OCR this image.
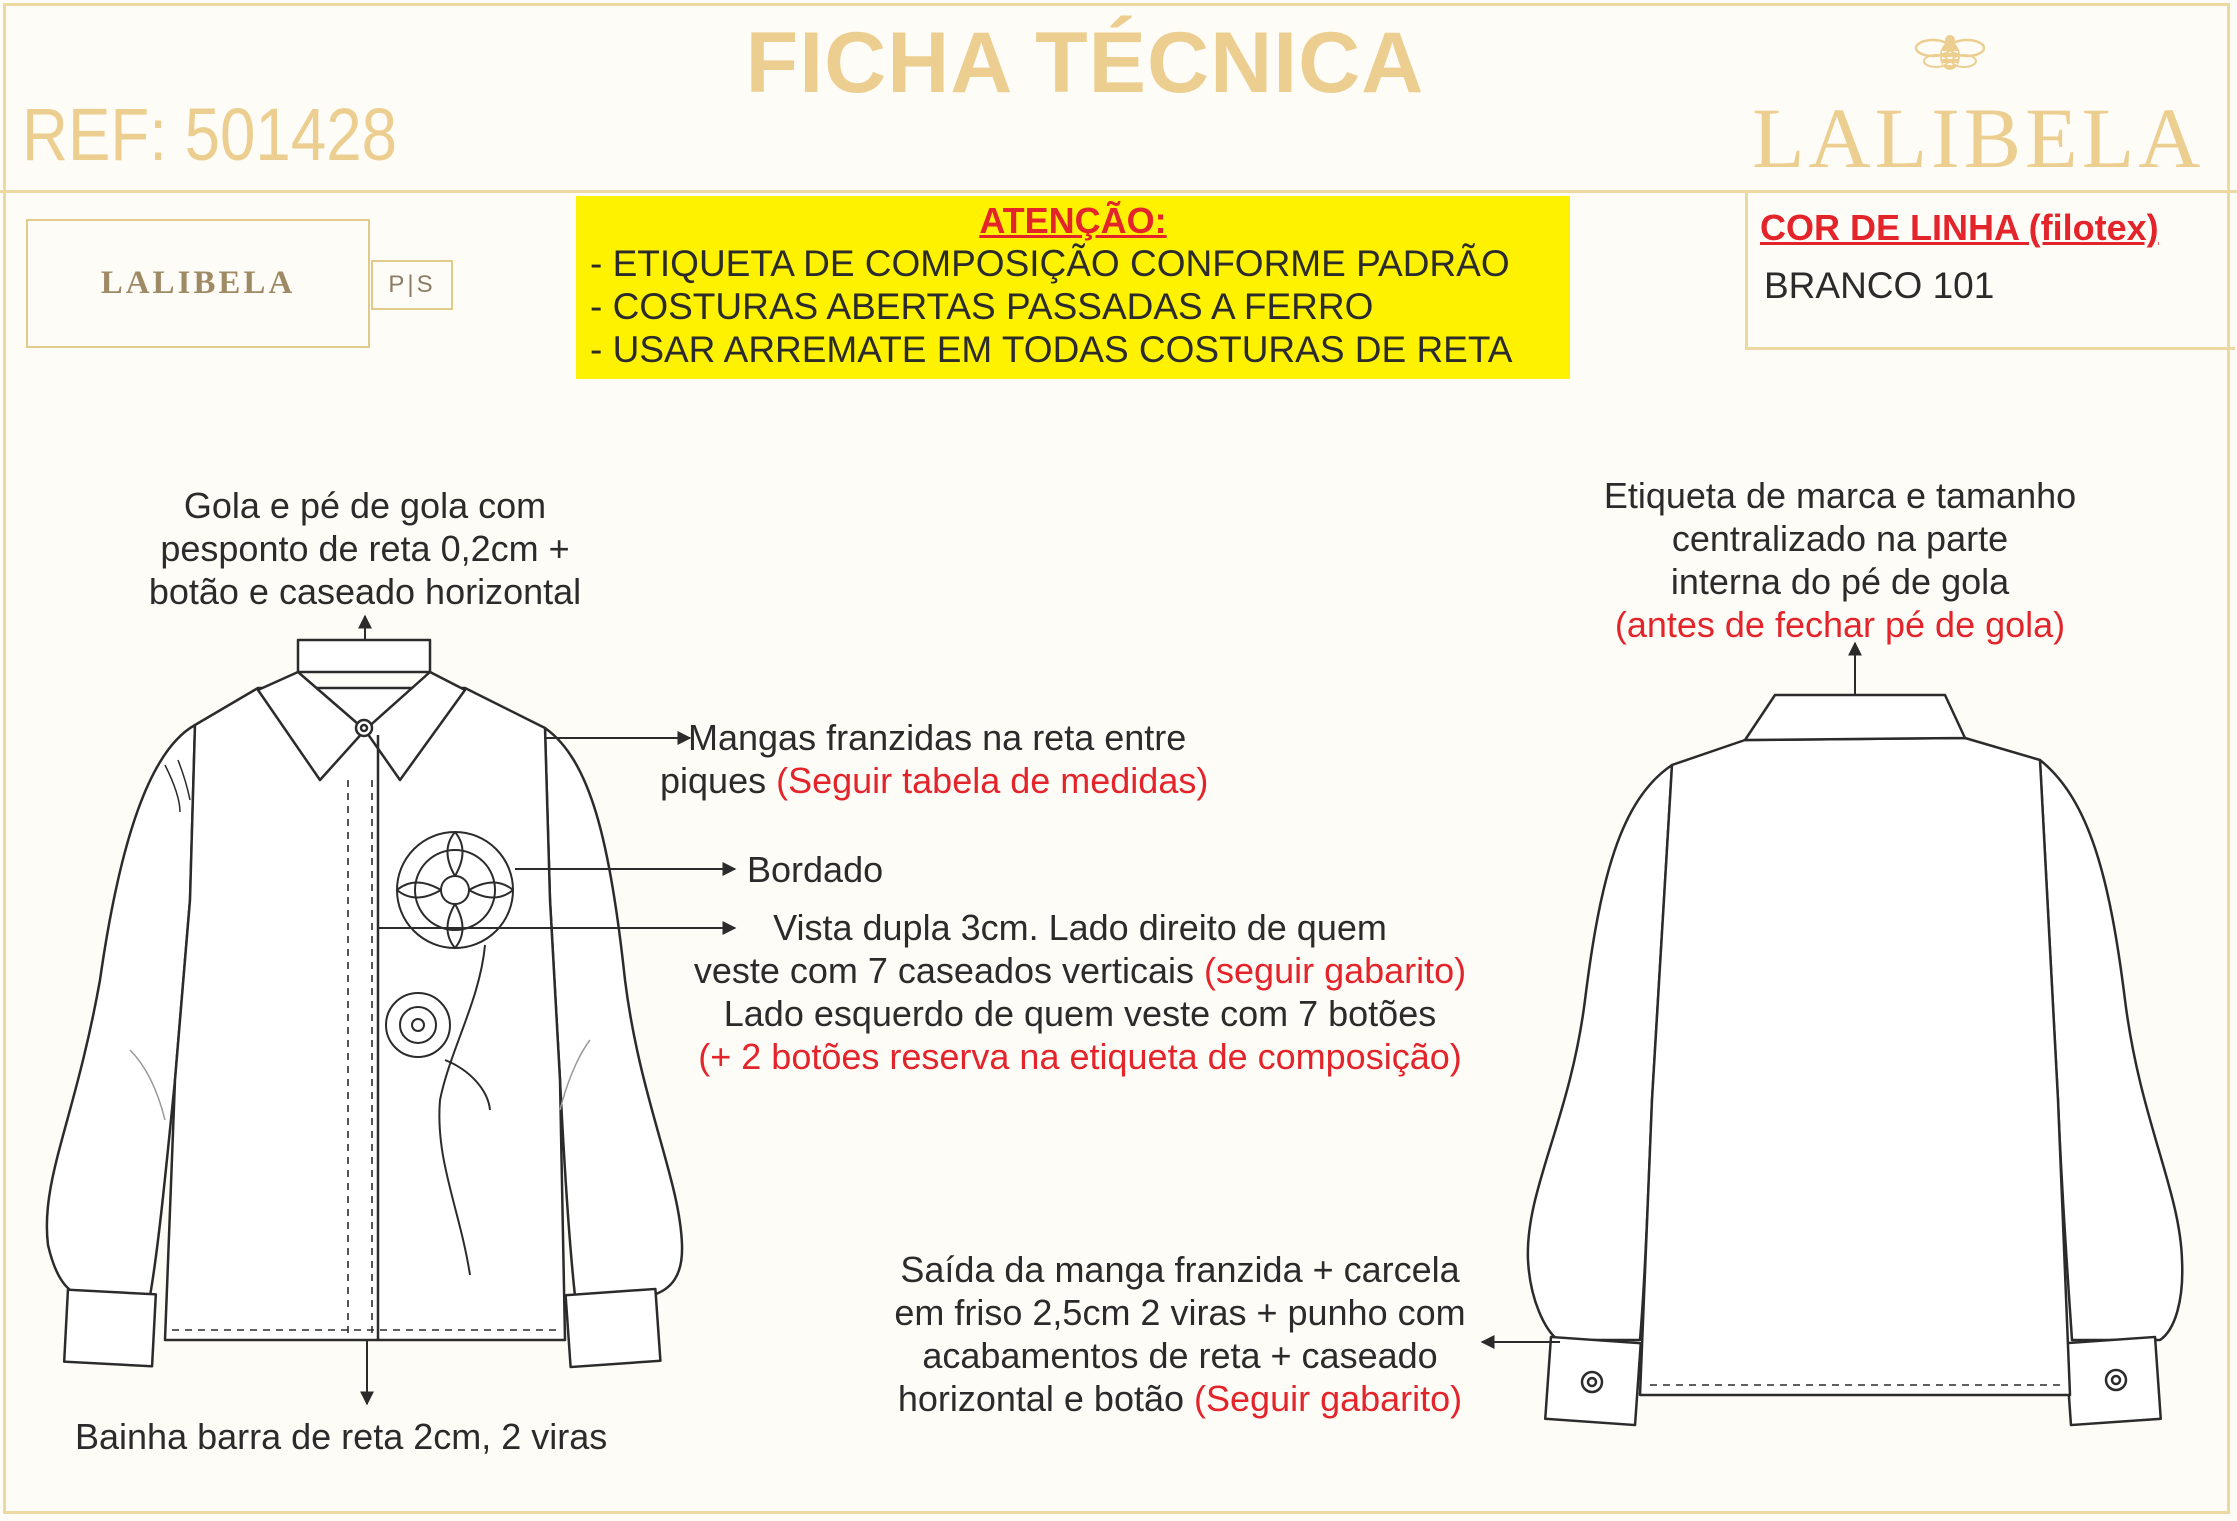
FICHA TÉCNICA
REF: 501428	LALIBELA
LALIBELA	P|S
ATENÇÃO:
- ETIQUETA DE COMPOSIÇÃO CONFORME PADRÃO
- COSTURAS ABERTAS PASSADAS A FERRO
- USAR ARREMATE EM TODAS COSTURAS DE RETA
COR DE LINHA (filotex)
BRANCO 101
Gola e pé de gola com
pesponto de reta 0,2cm +
botão e caseado horizontal
Mangas franzidas na reta entre
piques (Seguir tabela de medidas)
Bordado
Vista dupla 3cm. Lado direito de quem
veste com 7 caseados verticais (seguir gabarito)
Lado esquerdo de quem veste com 7 botões
(+ 2 botões reserva na etiqueta de composição)
Bainha barra de reta 2cm, 2 viras
Etiqueta de marca e tamanho
centralizado na parte
interna do pé de gola
(antes de fechar pé de gola)
Saída da manga franzida + carcela
em friso 2,5cm 2 viras + punho com
acabamentos de reta + caseado
horizontal e botão (Seguir gabarito)
